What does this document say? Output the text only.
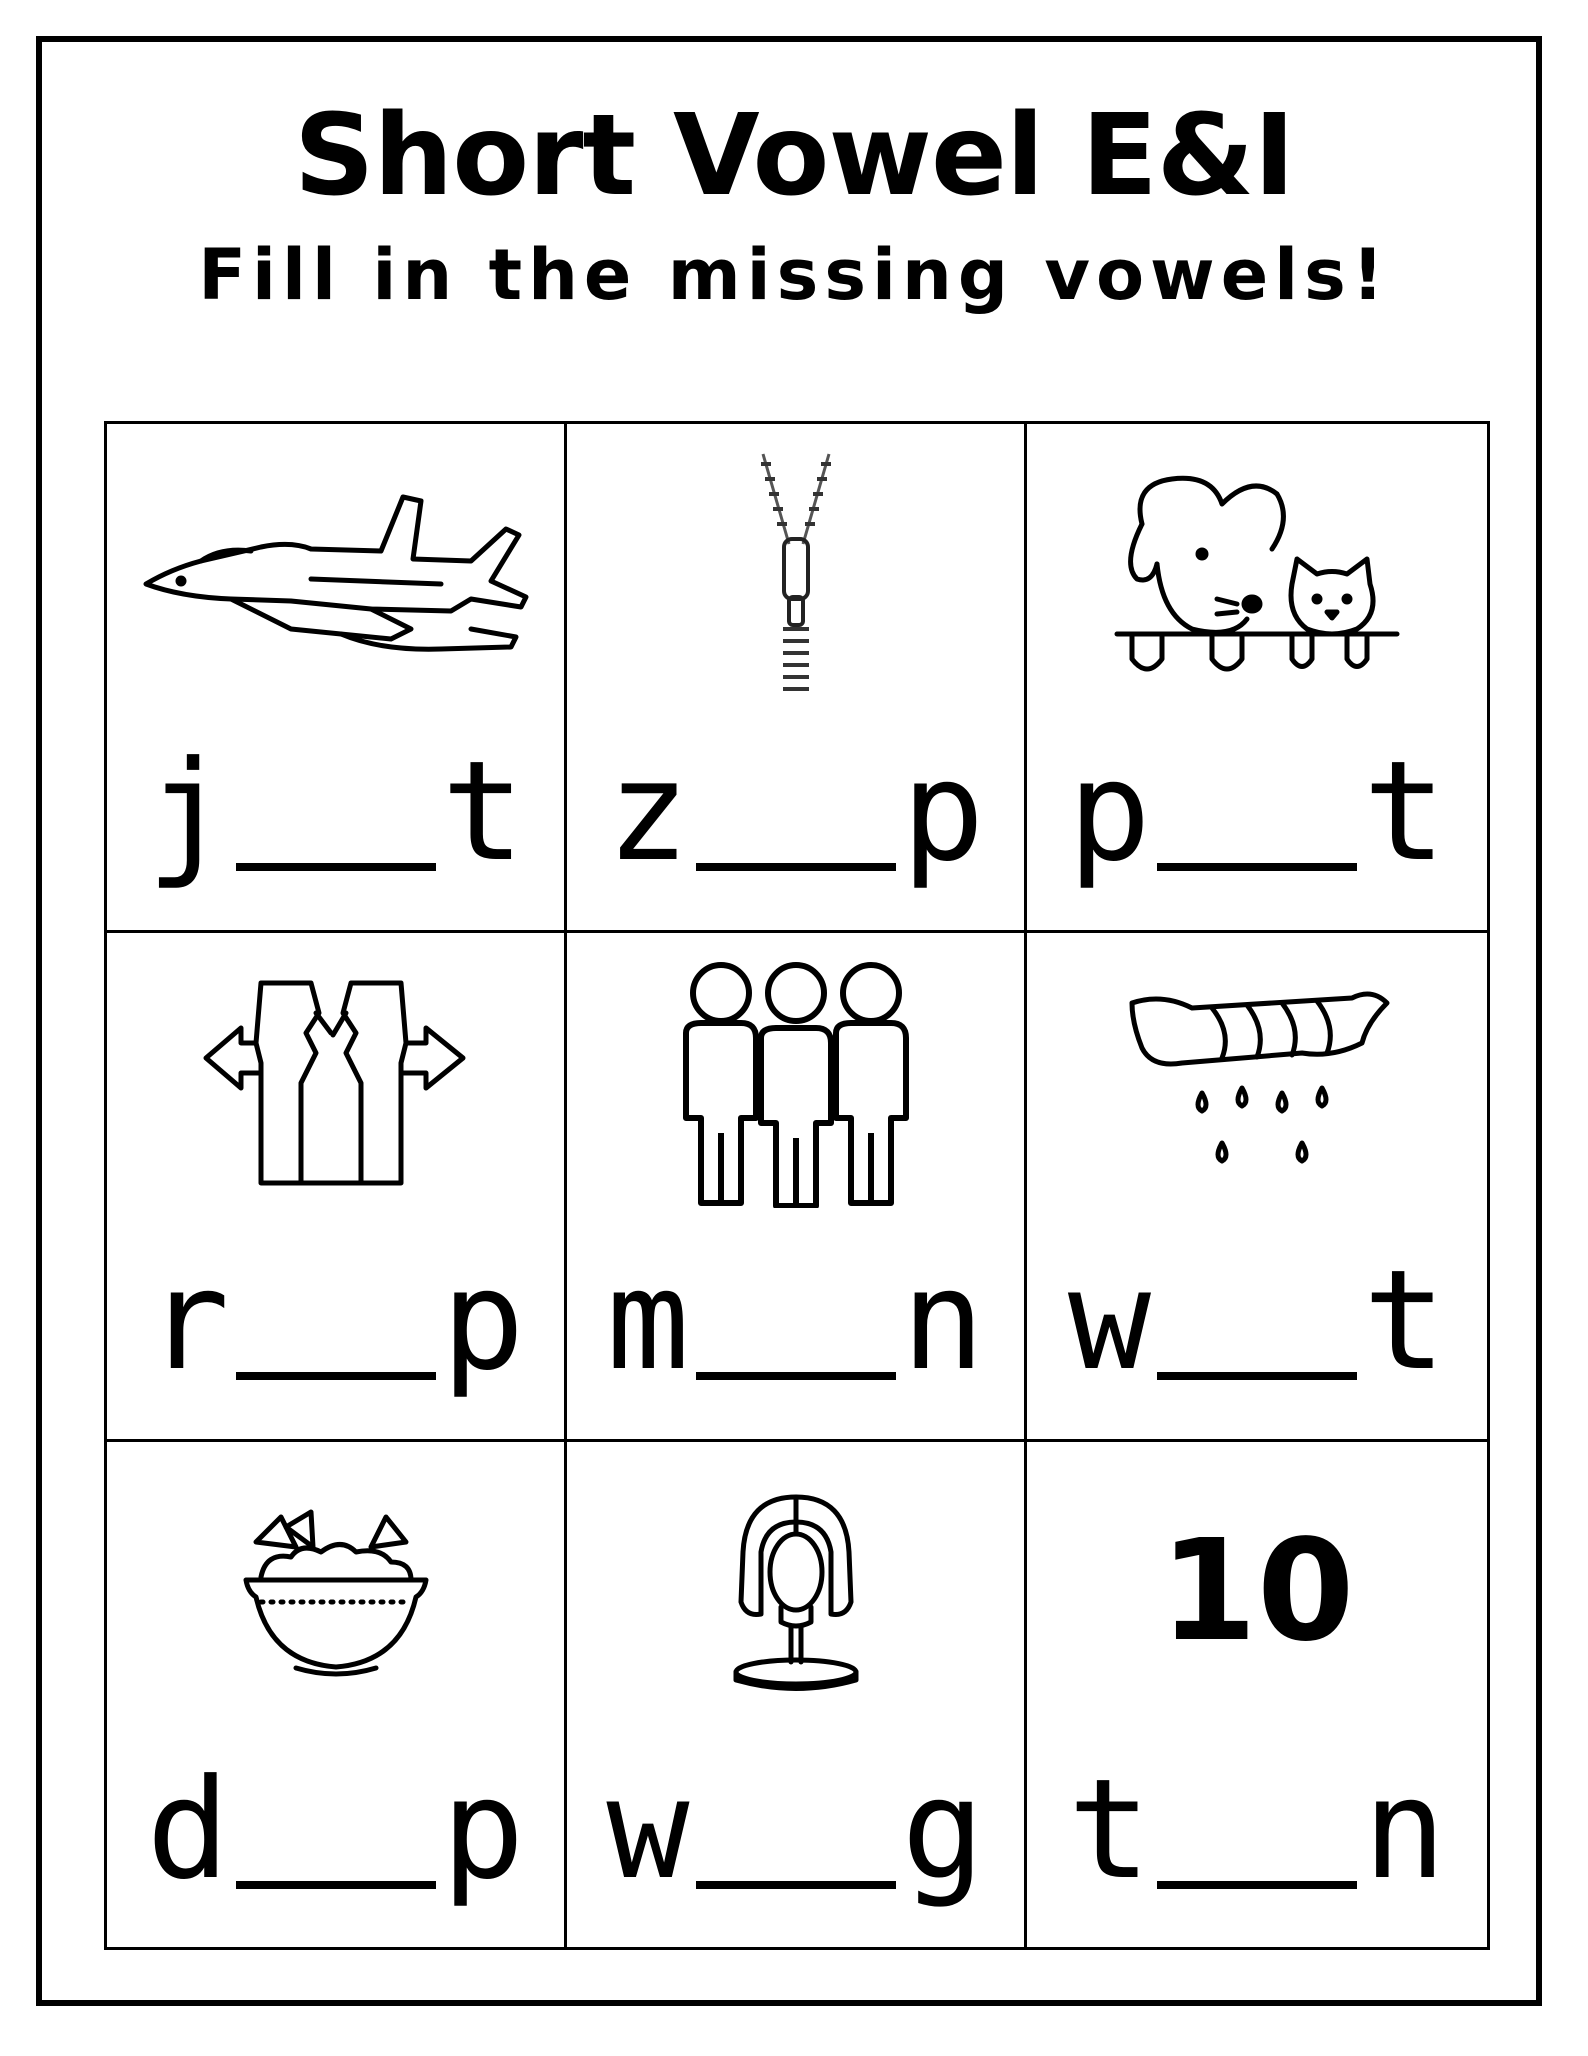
Short Vowel E&I
Fill in the missing vowels!
j t z p p t
r p m n w t
d p w g
10
t n
